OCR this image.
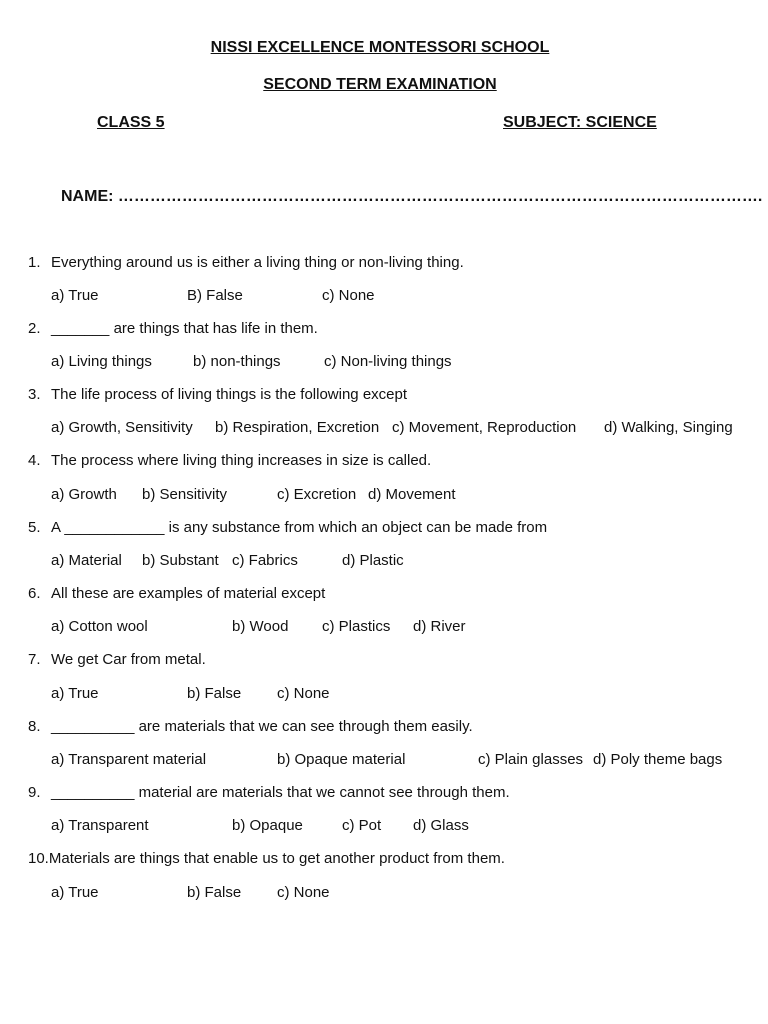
NISSI EXCELLENCE MONTESSORI SCHOOL
SECOND TERM EXAMINATION
CLASS 5	SUBJECT: SCIENCE
NAME: ………………………………………………………………………………………………………….
1. Everything around us is either a living thing or non-living thing.
a) True	B) False	c) None
2. _______ are things that has life in them.
a) Living things	b) non-things	c) Non-living things
3. The life process of living things is the following except
a) Growth, Sensitivity b) Respiration, Excretion c) Movement, Reproduction d) Walking, Singing
4. The process where living thing increases in size is called.
a) Growth b) Sensitivity	c) Excretion d) Movement
5. A ____________ is any substance from which an object can be made from
a) Material b) Substant c) Fabrics	d) Plastic
6. All these are examples of material except
a) Cotton wool	b) Wood c) Plastics d) River
7. We get Car from metal.
a) True	b) False c) None
8. __________ are materials that we can see through them easily.
a) Transparent material	b) Opaque material	c) Plain glasses d) Poly theme bags
9. __________ material are materials that we cannot see through them.
a) Transparent	b) Opaque	c) Pot d) Glass
10.Materials are things that enable us to get another product from them.
a) True	b) False c) None
